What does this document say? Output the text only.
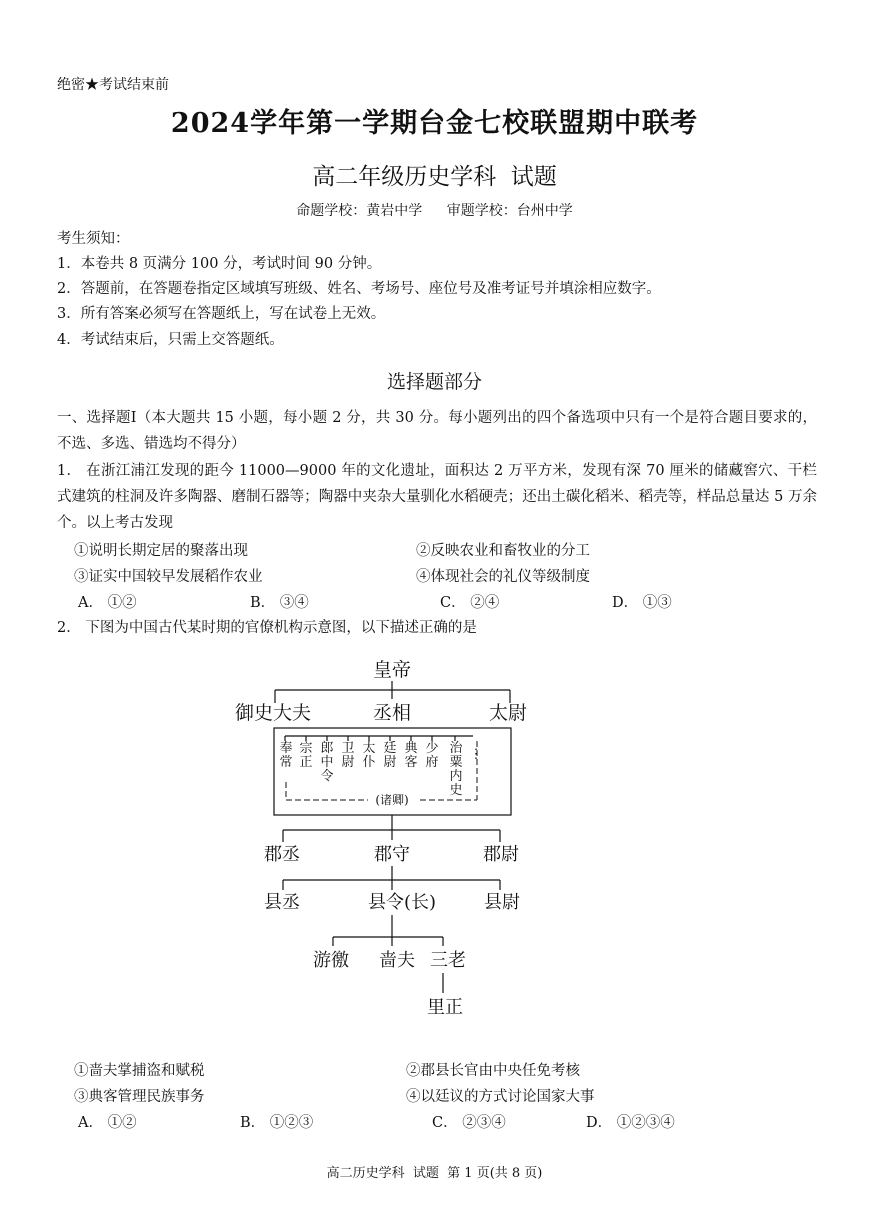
绝密★考试结束前
2024学年第一学期台金七校联盟期中联考
高二年级历史学科  试题
命题学校：黄岩中学 审题学校：台州中学
考生须知：
1．本卷共 8 页满分 100 分，考试时间 90 分钟。
2．答题前，在答题卷指定区域填写班级、姓名、考场号、座位号及准考证号并填涂相应数字。
3．所有答案必须写在答题纸上，写在试卷上无效。
4．考试结束后，只需上交答题纸。
选择题部分
一、选择题Ⅰ（本大题共 15 小题，每小题 2 分，共 30 分。每小题列出的四个备选项中只有一个是符合题目要求的，不选、多选、错选均不得分）
1． 在浙江浦江发现的距今 11000—9000 年的文化遗址，面积达 2 万平方米，发现有深 70 厘米的储藏窖穴、干栏式建筑的柱洞及许多陶器、磨制石器等；陶器中夹杂大量驯化水稻硬壳；还出土碳化稻米、稻壳等，样品总量达 5 万余个。以上考古发现
①说明长期定居的聚落出现	②反映农业和畜牧业的分工
③证实中国较早发展稻作农业	④体现社会的礼仪等级制度
A． ①②	B． ③④	C． ②④	D． ①③
2． 下图为中国古代某时期的官僚机构示意图，以下描述正确的是
皇帝
御史大夫	丞相	太尉
奉常
宗正
郎中令
卫尉
太仆
廷尉
典客
少府
治粟内史
⋮
(诸卿)
郡丞	郡守	郡尉
县丞	县令(长)	县尉
游徼 啬夫 三老
里正
①啬夫掌捕盗和赋税	②郡县长官由中央任免考核
③典客管理民族事务	④以廷议的方式讨论国家大事
A． ①②	B． ①②③	C． ②③④	D． ①②③④
高二历史学科  试题  第 1 页(共 8 页)
